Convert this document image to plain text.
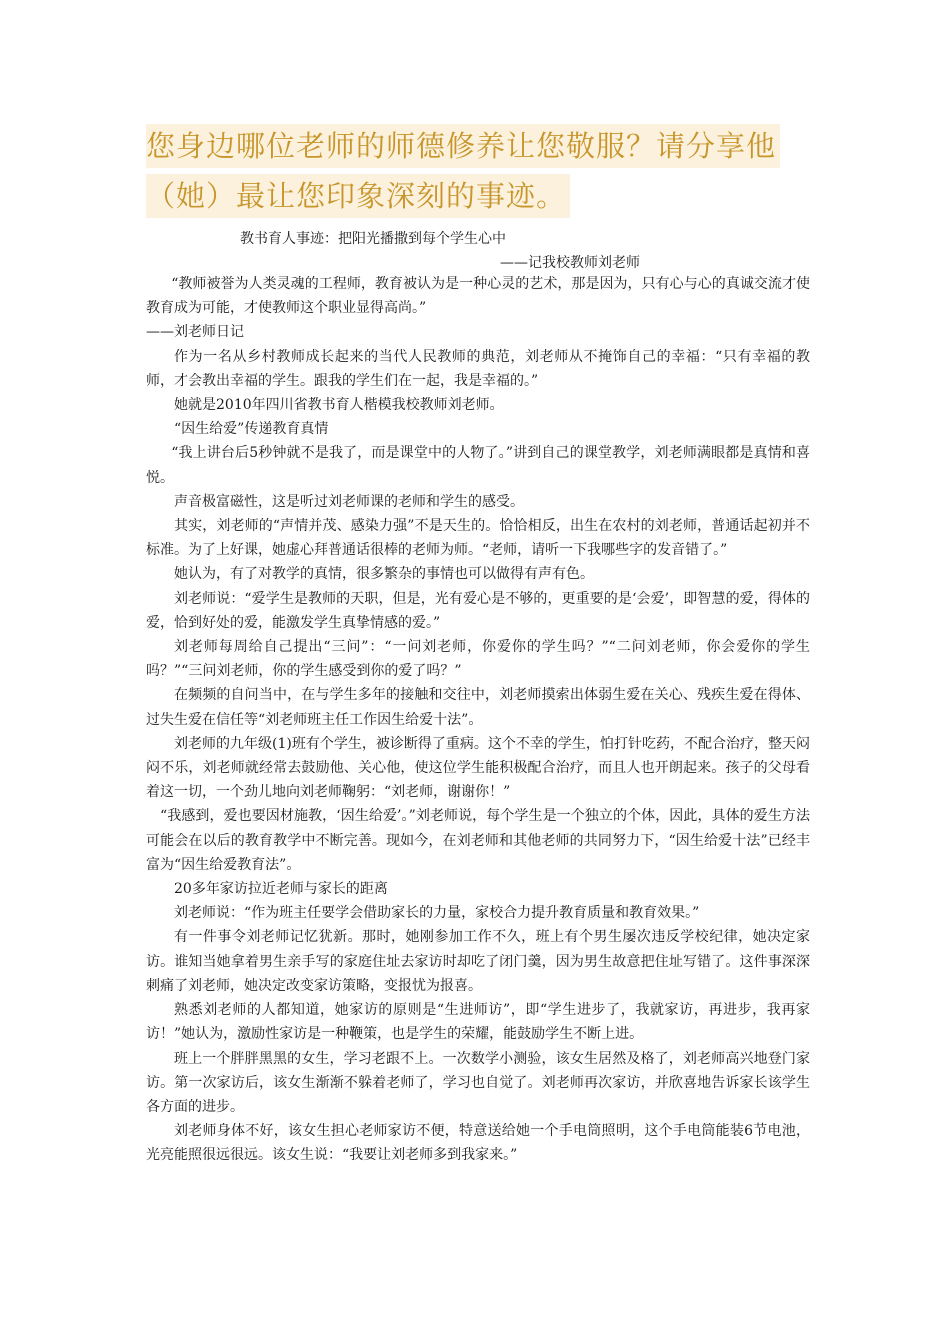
您身边哪位老师的师德修养让您敬服？请分享他
（她）最让您印象深刻的事迹。
教书育人事迹：把阳光播撒到每个学生心中
——记我校教师刘老师

“教师被誉为人类灵魂的工程师，教育被认为是一种心灵的艺术，那是因为，只有心与心的真诚交流才使教育成为可能，才使教师这个职业显得高尚。”

——刘老师日记

作为一名从乡村教师成长起来的当代人民教师的典范，刘老师从不掩饰自己的幸福：“只有幸福的教师，才会教出幸福的学生。跟我的学生们在一起，我是幸福的。”

她就是2010年四川省教书育人楷模我校教师刘老师。

“因生给爱”传递教育真情

“我上讲台后5秒钟就不是我了，而是课堂中的人物了。”讲到自己的课堂教学，刘老师满眼都是真情和喜悦。

声音极富磁性，这是听过刘老师课的老师和学生的感受。

其实，刘老师的“声情并茂、感染力强”不是天生的。恰恰相反，出生在农村的刘老师，普通话起初并不标准。为了上好课，她虚心拜普通话很棒的老师为师。“老师，请听一下我哪些字的发音错了。”

她认为，有了对教学的真情，很多繁杂的事情也可以做得有声有色。

刘老师说：“爱学生是教师的天职，但是，光有爱心是不够的，更重要的是‘会爱’，即智慧的爱，得体的爱，恰到好处的爱，能激发学生真挚情感的爱。”

刘老师每周给自己提出“三问”：“一问刘老师，你爱你的学生吗？”“二问刘老师，你会爱你的学生吗？”“三问刘老师，你的学生感受到你的爱了吗？”

在频频的自问当中，在与学生多年的接触和交往中，刘老师摸索出体弱生爱在关心、残疾生爱在得体、过失生爱在信任等“刘老师班主任工作因生给爱十法”。

刘老师的九年级(1)班有个学生，被诊断得了重病。这个不幸的学生，怕打针吃药，不配合治疗，整天闷闷不乐，刘老师就经常去鼓励他、关心他，使这位学生能积极配合治疗，而且人也开朗起来。孩子的父母看着这一切，一个劲儿地向刘老师鞠躬：“刘老师，谢谢你！”

“我感到，爱也要因材施教，‘因生给爱’。”刘老师说，每个学生是一个独立的个体，因此，具体的爱生方法可能会在以后的教育教学中不断完善。现如今，在刘老师和其他老师的共同努力下，“因生给爱十法”已经丰富为“因生给爱教育法”。

20多年家访拉近老师与家长的距离

刘老师说：“作为班主任要学会借助家长的力量，家校合力提升教育质量和教育效果。”

有一件事令刘老师记忆犹新。那时，她刚参加工作不久，班上有个男生屡次违反学校纪律，她决定家访。谁知当她拿着男生亲手写的家庭住址去家访时却吃了闭门羹，因为男生故意把住址写错了。这件事深深刺痛了刘老师，她决定改变家访策略，变报忧为报喜。

熟悉刘老师的人都知道，她家访的原则是“生进师访”，即“学生进步了，我就家访，再进步，我再家访！”她认为，激励性家访是一种鞭策，也是学生的荣耀，能鼓励学生不断上进。

班上一个胖胖黑黑的女生，学习老跟不上。一次数学小测验，该女生居然及格了，刘老师高兴地登门家访。第一次家访后，该女生渐渐不躲着老师了，学习也自觉了。刘老师再次家访，并欣喜地告诉家长该学生各方面的进步。

刘老师身体不好，该女生担心老师家访不便，特意送给她一个手电筒照明，这个手电筒能装6节电池，光亮能照很远很远。该女生说：“我要让刘老师多到我家来。”
